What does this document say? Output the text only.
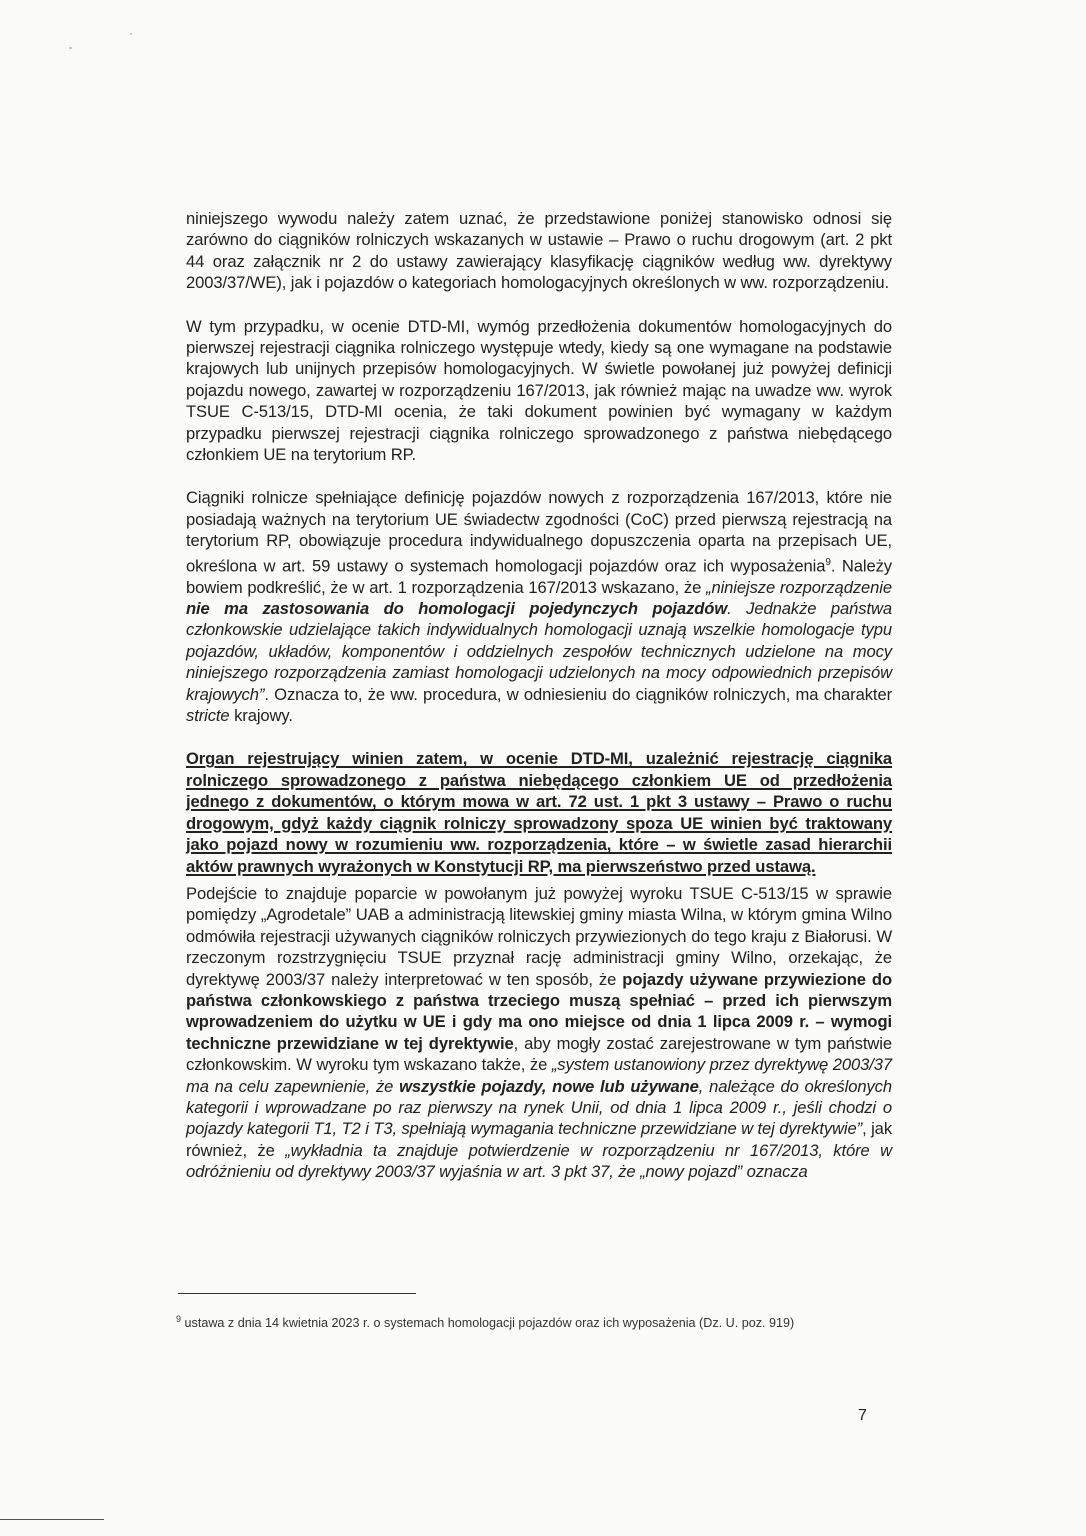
niniejszego wywodu należy zatem uznać, że przedstawione poniżej stanowisko odnosi się zarówno do ciągników rolniczych wskazanych w ustawie – Prawo o ruchu drogowym (art. 2 pkt 44 oraz załącznik nr 2 do ustawy zawierający klasyfikację ciągników według ww. dyrektywy 2003/37/WE), jak i pojazdów o kategoriach homologacyjnych określonych w ww. rozporządzeniu.

W tym przypadku, w ocenie DTD-MI, wymóg przedłożenia dokumentów homologacyjnych do pierwszej rejestracji ciągnika rolniczego występuje wtedy, kiedy są one wymagane na podstawie krajowych lub unijnych przepisów homologacyjnych. W świetle powołanej już powyżej definicji pojazdu nowego, zawartej w rozporządzeniu 167/2013, jak również mając na uwadze ww. wyrok TSUE C-513/15, DTD-MI ocenia, że taki dokument powinien być wymagany w każdym przypadku pierwszej rejestracji ciągnika rolniczego sprowadzonego z państwa niebędącego członkiem UE na terytorium RP.

Ciągniki rolnicze spełniające definicję pojazdów nowych z rozporządzenia 167/2013, które nie posiadają ważnych na terytorium UE świadectw zgodności (CoC) przed pierwszą rejestracją na terytorium RP, obowiązuje procedura indywidualnego dopuszczenia oparta na przepisach UE, określona w art. 59 ustawy o systemach homologacji pojazdów oraz ich wyposażenia$^9$. Należy bowiem podkreślić, że w art. 1 rozporządzenia 167/2013 wskazano, że „niniejsze rozporządzenie nie ma zastosowania do homologacji pojedynczych pojazdów. Jednakże państwa członkowskie udzielające takich indywidualnych homologacji uznają wszelkie homologacje typu pojazdów, układów, komponentów i oddzielnych zespołów technicznych udzielone na mocy niniejszego rozporządzenia zamiast homologacji udzielonych na mocy odpowiednich przepisów krajowych”. Oznacza to, że ww. procedura, w odniesieniu do ciągników rolniczych, ma charakter stricte krajowy.

Organ rejestrujący winien zatem, w ocenie DTD-MI, uzależnić rejestrację ciągnika rolniczego sprowadzonego z państwa niebędącego członkiem UE od przedłożenia jednego z dokumentów, o którym mowa w art. 72 ust. 1 pkt 3 ustawy – Prawo o ruchu drogowym, gdyż każdy ciągnik rolniczy sprowadzony spoza UE winien być traktowany jako pojazd nowy w rozumieniu ww. rozporządzenia, które – w świetle zasad hierarchii aktów prawnych wyrażonych w Konstytucji RP, ma pierwszeństwo przed ustawą.

Podejście to znajduje poparcie w powołanym już powyżej wyroku TSUE C-513/15 w sprawie pomiędzy „Agrodetale” UAB a administracją litewskiej gminy miasta Wilna, w którym gmina Wilno odmówiła rejestracji używanych ciągników rolniczych przywiezionych do tego kraju z Białorusi. W rzeczonym rozstrzygnięciu TSUE przyznał rację administracji gminy Wilno, orzekając, że dyrektywę 2003/37 należy interpretować w ten sposób, że pojazdy używane przywiezione do państwa członkowskiego z państwa trzeciego muszą spełniać – przed ich pierwszym wprowadzeniem do użytku w UE i gdy ma ono miejsce od dnia 1 lipca 2009 r. – wymogi techniczne przewidziane w tej dyrektywie, aby mogły zostać zarejestrowane w tym państwie członkowskim. W wyroku tym wskazano także, że „system ustanowiony przez dyrektywę 2003/37 ma na celu zapewnienie, że wszystkie pojazdy, nowe lub używane, należące do określonych kategorii i wprowadzane po raz pierwszy na rynek Unii, od dnia 1 lipca 2009 r., jeśli chodzi o pojazdy kategorii T1, T2 i T3, spełniają wymagania techniczne przewidziane w tej dyrektywie”, jak również, że „wykładnia ta znajduje potwierdzenie w rozporządzeniu nr 167/2013, które w odróżnieniu od dyrektywy 2003/37 wyjaśnia w art. 3 pkt 37, że „nowy pojazd” oznacza

$^9$ ustawa z dnia 14 kwietnia 2023 r. o systemach homologacji pojazdów oraz ich wyposażenia (Dz. U. poz. 919)
7
